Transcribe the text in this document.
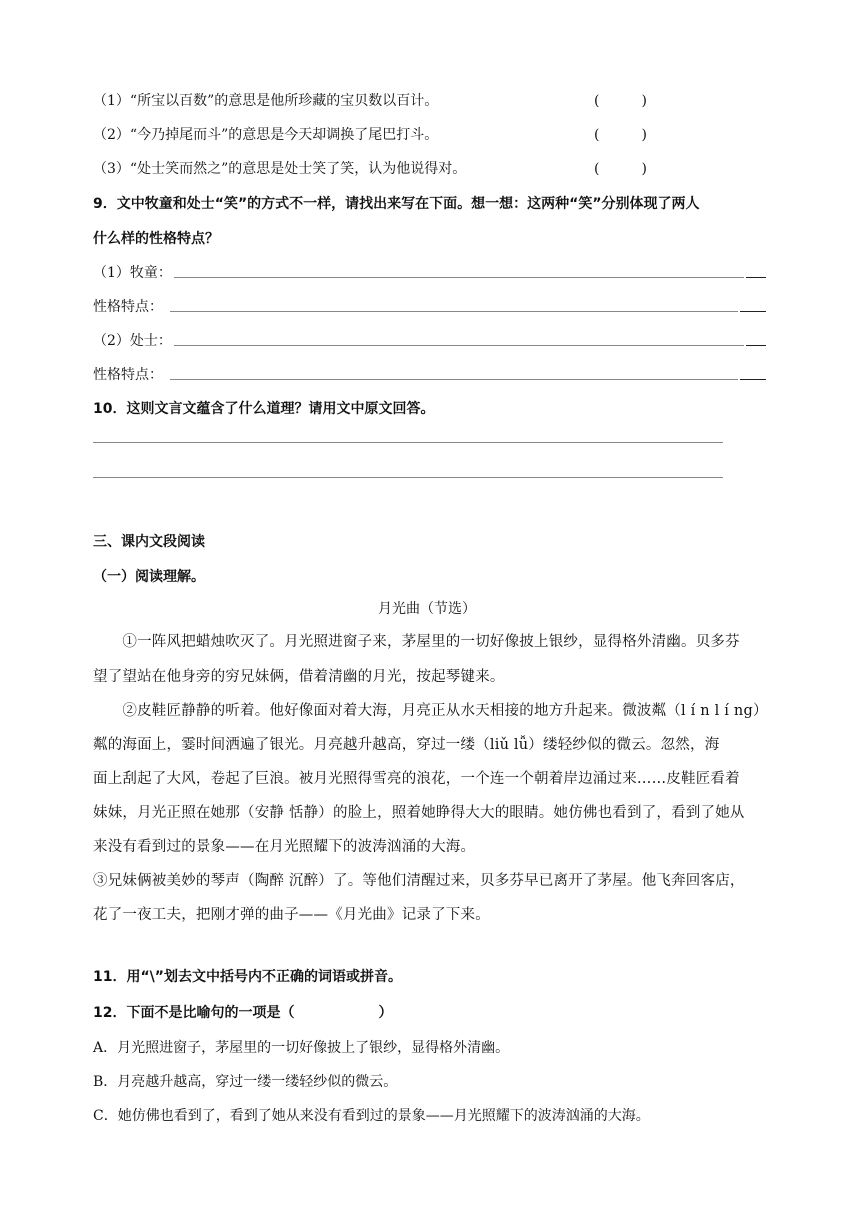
（1）“所宝以百数”的意思是他所珍藏的宝贝数以百计。	(　　　)
（2）“今乃掉尾而斗”的意思是今天却调换了尾巴打斗。	(　　　)
（3）“处士笑而然之”的意思是处士笑了笑，认为他说得对。	(　　　)
9．文中牧童和处士“笑”的方式不一样，请找出来写在下面。想一想：这两种“笑”分别体现了两人
什么样的性格特点？
（1）牧童：
性格特点：
（2）处士：
性格特点：
10．这则文言文蕴含了什么道理？请用文中原文回答。
三、课内文段阅读
（一）阅读理解。
月光曲（节选）
　　①一阵风把蜡烛吹灭了。月光照进窗子来，茅屋里的一切好像披上银纱，显得格外清幽。贝多芬
望了望站在他身旁的穷兄妹俩，借着清幽的月光，按起琴键来。
　　②皮鞋匠静静的听着。他好像面对着大海，月亮正从水天相接的地方升起来。微波粼（l í n l í ng）
粼的海面上，霎时间洒遍了银光。月亮越升越高，穿过一缕（liǔ lǚ）缕轻纱似的微云。忽然，海
面上刮起了大风，卷起了巨浪。被月光照得雪亮的浪花，一个连一个朝着岸边涌过来……皮鞋匠看着
妹妹，月光正照在她那（安静 恬静）的脸上，照着她睁得大大的眼睛。她仿佛也看到了，看到了她从
来没有看到过的景象——在月光照耀下的波涛汹涌的大海。
③兄妹俩被美妙的琴声（陶醉 沉醉）了。等他们清醒过来，贝多芬早已离开了茅屋。他飞奔回客店，
花了一夜工夫，把刚才弹的曲子——《月光曲》记录了下来。
11．用“\”划去文中括号内不正确的词语或拼音。
12．下面不是比喻句的一项是（　　　　　　）
A．月光照进窗子，茅屋里的一切好像披上了银纱，显得格外清幽。
B．月亮越升越高，穿过一缕一缕轻纱似的微云。
C．她仿佛也看到了，看到了她从来没有看到过的景象——月光照耀下的波涛汹涌的大海。
